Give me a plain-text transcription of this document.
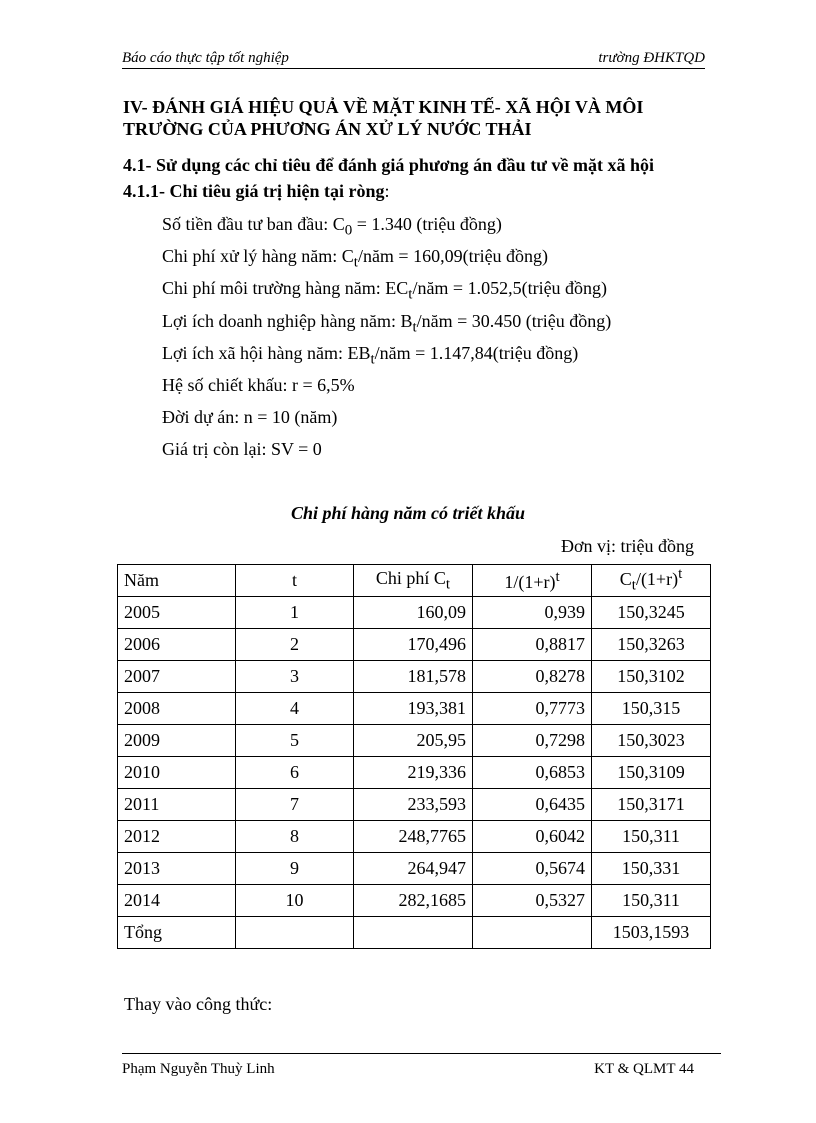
Báo cáo thực tập tốt nghiệp	trường ĐHKTQD
IV- ĐÁNH GIÁ HIỆU QUẢ VỀ MẶT KINH TẾ- XÃ HỘI VÀ MÔI TRƯỜNG CỦA PHƯƠNG ÁN XỬ LÝ NƯỚC THẢI
4.1- Sử dụng các chỉ tiêu để đánh giá phương án đầu tư về mặt xã hội
4.1.1- Chỉ tiêu giá trị hiện tại ròng:
Số tiền đầu tư ban đầu: $C_0 = 1.340$ (triệu đồng)
Chi phí xử lý hàng năm: $C_t$/năm = 160,09(triệu đồng)
Chi phí môi trường hàng năm: $EC_t$/năm = 1.052,5(triệu đồng)
Lợi ích doanh nghiệp hàng năm: $B_t$/năm = 30.450 (triệu đồng)
Lợi ích xã hội hàng năm: $EB_t$/năm = 1.147,84(triệu đồng)
Hệ số chiết khấu: r = 6,5%
Đời dự án: n = 10 (năm)
Giá trị còn lại: SV = 0
Chi phí hàng năm có triết khấu
Đơn vị: triệu đồng
Năm	t	Chi phí $C_t$	$1/(1+r)^t$	$C_t/(1+r)^t$
2005	1	160,09	0,939	150,3245
2006	2	170,496	0,8817	150,3263
2007	3	181,578	0,8278	150,3102
2008	4	193,381	0,7773	150,315
2009	5	205,95	0,7298	150,3023
2010	6	219,336	0,6853	150,3109
2011	7	233,593	0,6435	150,3171
2012	8	248,7765	0,6042	150,311
2013	9	264,947	0,5674	150,331
2014	10	282,1685	0,5327	150,311
Tổng				1503,1593
Thay vào công thức:
Phạm Nguyễn Thuỳ Linh	KT & QLMT 44
